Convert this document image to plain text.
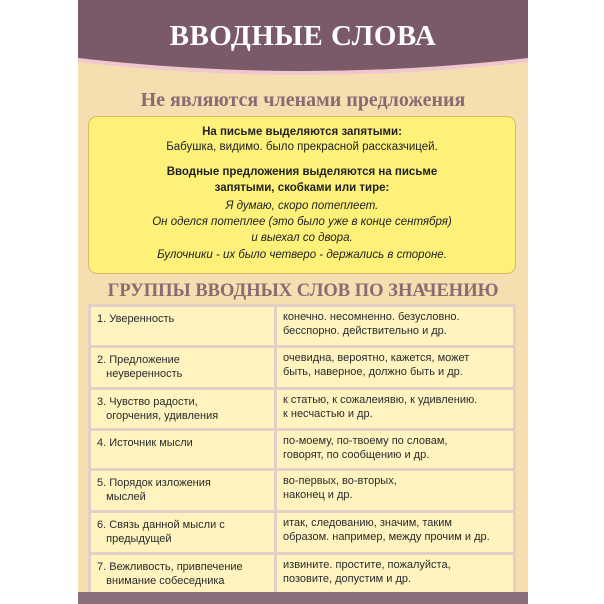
ВВОДНЫЕ СЛОВА
Не являются членами предложения
На письме выделяются запятыми:
Бабушка, видимо. было прекрасной рассказчицей.
Вводные предложения выделяются на письме
запятыми, скобками или тире:
Я думаю, скоро потеплеет.
Он оделся потеплее (это было уже в конце сентября)
и выехал со двора.
Булочники - их было четверо - держались в стороне.
ГРУППЫ ВВОДНЫХ СЛОВ ПО ЗНАЧЕНИЮ
1. Уверенность	конечно. несомненно. безусловно.
бесспорно. действительно и др.
2. Предложение
неуверенность
очевидна, вероятно, кажется, может
быть, наверное, должно быть и др.
3. Чувство радости,
огорчения, удивления
к статью, к сожалеиявю, к удивлению.
к несчастью и др.
4. Источник мысли	по-моему, по-твоему по словам,
говорят, по сообщению и др.
5. Порядок изложения
мыслей
во-первых, во-вторых,
наконец и др.
6. Связь данной мысли с
предыдущей
итак, следованию, значим, таким
образом. например, между прочим и др.
7. Вежливость, привпечение
внимание собеседника
извините. простите, пожалуйста,
позовите, допустим и др.
